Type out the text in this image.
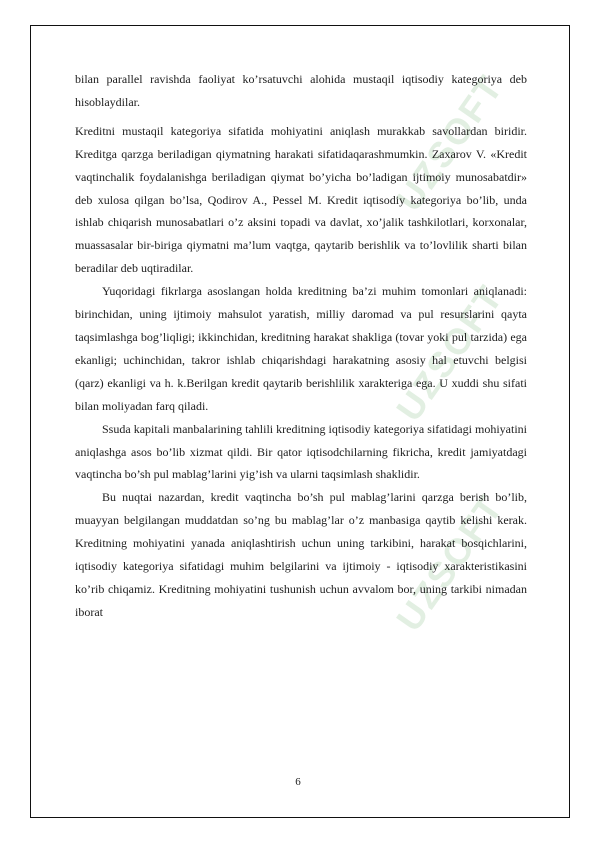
UZSOFT
UZSOFT
UZSOFT

bilan parallel ravishda faoliyat ko’rsatuvchi alohida mustaqil iqtisodiy kategoriya deb hisoblaydilar.

Kreditni mustaqil kategoriya sifatida mohiyatini aniqlash murakkab savollardan biridir. Kreditga qarzga beriladigan qiymatning harakati sifatidaqarashmumkin. Zaxarov V. «Kredit vaqtinchalik foydalanishga beriladigan qiymat bo’yicha bo’ladigan ijtimoiy munosabatdir» deb xulosa qilgan bo’lsa, Qodirov A., Pessel M. Kredit iqtisodiy kategoriya bo’lib, unda ishlab chiqarish munosabatlari o’z aksini topadi va davlat, xo’jalik tashkilotlari, korxonalar, muassasalar bir-biriga qiymatni ma’lum vaqtga, qaytarib berishlik va to’lovlilik sharti bilan beradilar deb uqtiradilar.

Yuqoridagi fikrlarga asoslangan holda kreditning ba’zi muhim tomonlari aniqlanadi: birinchidan, uning ijtimoiy mahsulot yaratish, milliy daromad va pul resurslarini qayta taqsimlashga bog’liqligi; ikkinchidan, kreditning harakat shakliga (tovar yoki pul tarzida) ega ekanligi; uchinchidan, takror ishlab chiqarishdagi harakatning asosiy hal etuvchi belgisi (qarz) ekanligi va h. k.Berilgan kredit qaytarib berishlilik xarakteriga ega. U xuddi shu sifati bilan moliyadan farq qiladi.

Ssuda kapitali manbalarining tahlili kreditning iqtisodiy kategoriya sifatidagi mohiyatini aniqlashga asos bo’lib xizmat qildi. Bir qator iqtisodchilarning fikricha, kredit jamiyatdagi vaqtincha bo’sh pul mablag’larini yig’ish va ularni taqsimlash shaklidir.

Bu nuqtai nazardan, kredit vaqtincha bo’sh pul mablag’larini qarzga berish bo’lib, muayyan belgilangan muddatdan so’ng bu mablag’lar o’z manbasiga qaytib kelishi kerak. Kreditning mohiyatini yanada aniqlashtirish uchun uning tarkibini, harakat bosqichlarini, iqtisodiy kategoriya sifatidagi muhim belgilarini va ijtimoiy - iqtisodiy xarakteristikasini ko’rib chiqamiz. Kreditning mohiyatini tushunish uchun avvalom bor, uning tarkibi nimadan iborat

6
